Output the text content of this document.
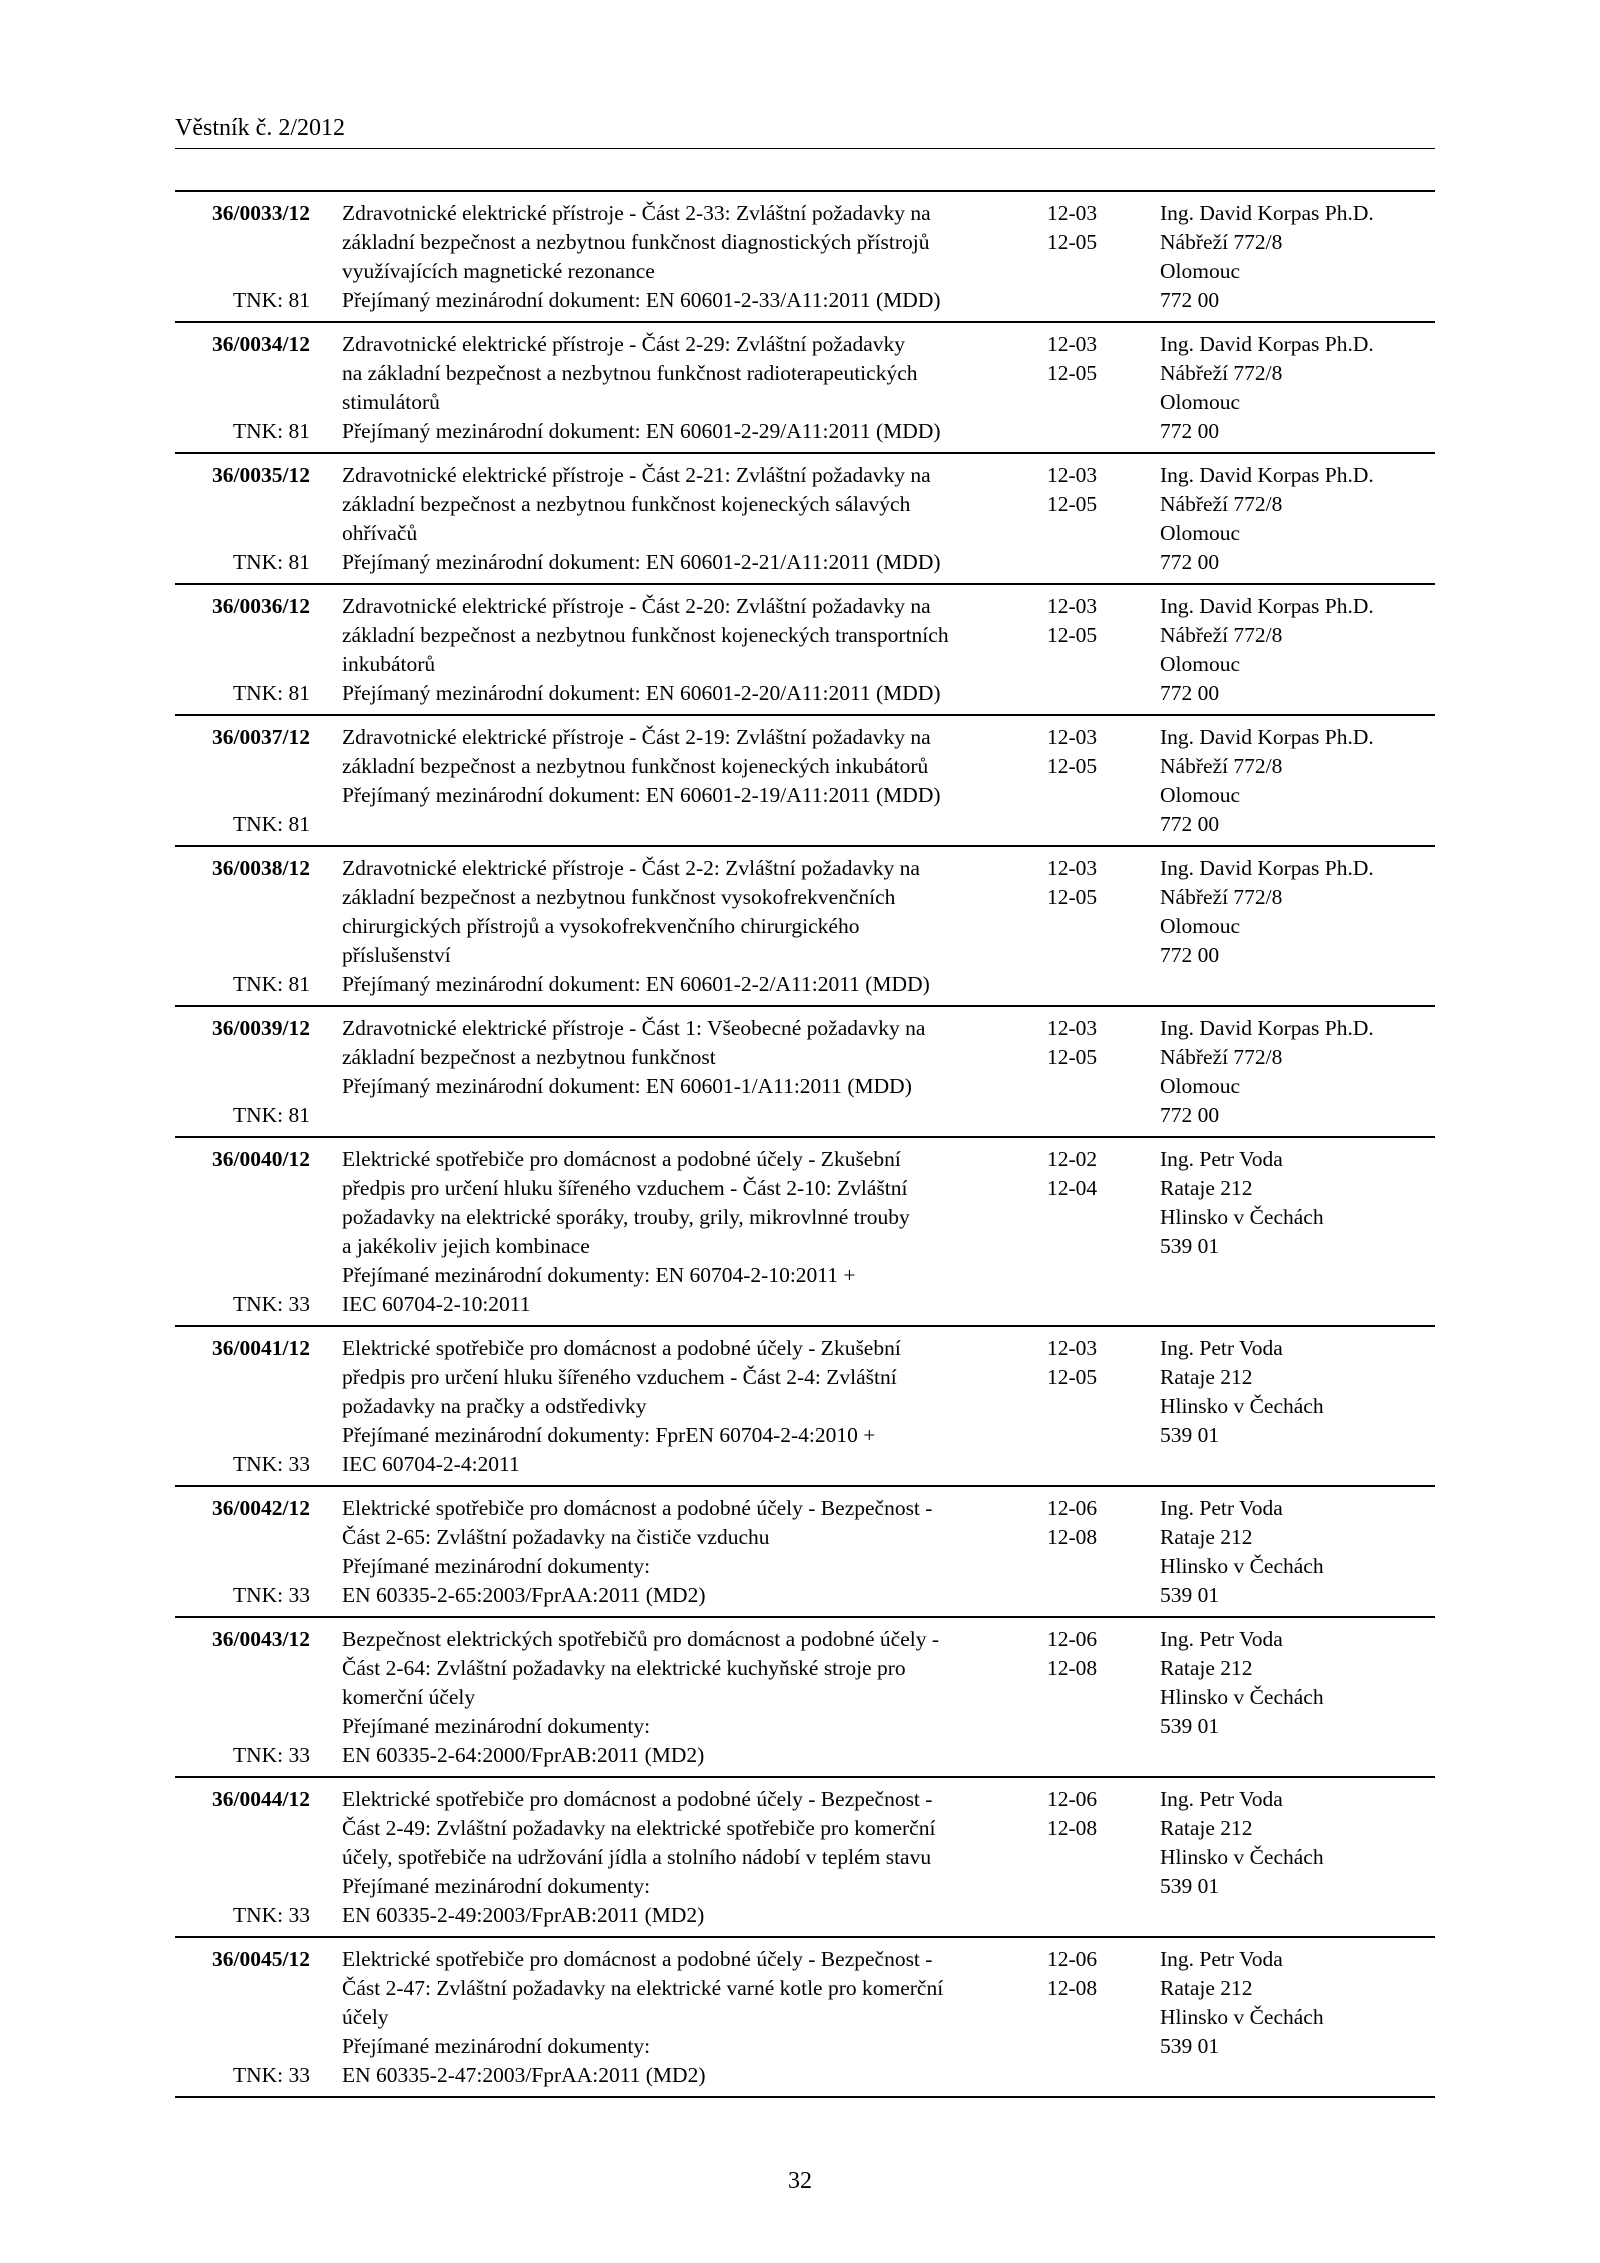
Věstník č. 2/2012
36/0033/12
TNK: 81
Zdravotnické elektrické přístroje - Část 2-33: Zvláštní požadavky na
základní bezpečnost a nezbytnou funkčnost diagnostických přístrojů
využívajících magnetické rezonance
Přejímaný mezinárodní dokument: EN 60601-2-33/A11:2011 (MDD)
12-03
12-05
Ing. David Korpas Ph.D.
Nábřeží 772/8
Olomouc
772 00
36/0034/12
TNK: 81
Zdravotnické elektrické přístroje - Část 2-29: Zvláštní požadavky
na základní bezpečnost a nezbytnou funkčnost radioterapeutických
stimulátorů
Přejímaný mezinárodní dokument: EN 60601-2-29/A11:2011 (MDD)
12-03
12-05
Ing. David Korpas Ph.D.
Nábřeží 772/8
Olomouc
772 00
36/0035/12
TNK: 81
Zdravotnické elektrické přístroje - Část 2-21: Zvláštní požadavky na
základní bezpečnost a nezbytnou funkčnost kojeneckých sálavých
ohřívačů
Přejímaný mezinárodní dokument: EN 60601-2-21/A11:2011 (MDD)
12-03
12-05
Ing. David Korpas Ph.D.
Nábřeží 772/8
Olomouc
772 00
36/0036/12
TNK: 81
Zdravotnické elektrické přístroje - Část 2-20: Zvláštní požadavky na
základní bezpečnost a nezbytnou funkčnost kojeneckých transportních
inkubátorů
Přejímaný mezinárodní dokument: EN 60601-2-20/A11:2011 (MDD)
12-03
12-05
Ing. David Korpas Ph.D.
Nábřeží 772/8
Olomouc
772 00
36/0037/12
TNK: 81
Zdravotnické elektrické přístroje - Část 2-19: Zvláštní požadavky na
základní bezpečnost a nezbytnou funkčnost kojeneckých inkubátorů
Přejímaný mezinárodní dokument: EN 60601-2-19/A11:2011 (MDD)

12-03
12-05
Ing. David Korpas Ph.D.
Nábřeží 772/8
Olomouc
772 00
36/0038/12
TNK: 81
Zdravotnické elektrické přístroje - Část 2-2: Zvláštní požadavky na
základní bezpečnost a nezbytnou funkčnost vysokofrekvenčních
chirurgických přístrojů a vysokofrekvenčního chirurgického
příslušenství
Přejímaný mezinárodní dokument: EN 60601-2-2/A11:2011 (MDD)
12-03
12-05
Ing. David Korpas Ph.D.
Nábřeží 772/8
Olomouc
772 00
36/0039/12
TNK: 81
Zdravotnické elektrické přístroje - Část 1: Všeobecné požadavky na
základní bezpečnost a nezbytnou funkčnost
Přejímaný mezinárodní dokument: EN 60601-1/A11:2011 (MDD)

12-03
12-05
Ing. David Korpas Ph.D.
Nábřeží 772/8
Olomouc
772 00
36/0040/12
TNK: 33
Elektrické spotřebiče pro domácnost a podobné účely - Zkušební
předpis pro určení hluku šířeného vzduchem - Část 2-10: Zvláštní
požadavky na elektrické sporáky, trouby, grily, mikrovlnné trouby
a jakékoliv jejich kombinace
Přejímané mezinárodní dokumenty: EN 60704-2-10:2011 +
IEC 60704-2-10:2011
12-02
12-04
Ing. Petr Voda
Rataje 212
Hlinsko v Čechách
539 01
36/0041/12
TNK: 33
Elektrické spotřebiče pro domácnost a podobné účely - Zkušební
předpis pro určení hluku šířeného vzduchem - Část 2-4: Zvláštní
požadavky na pračky a odstředivky
Přejímané mezinárodní dokumenty: FprEN 60704-2-4:2010 +
IEC 60704-2-4:2011
12-03
12-05
Ing. Petr Voda
Rataje 212
Hlinsko v Čechách
539 01
36/0042/12
TNK: 33
Elektrické spotřebiče pro domácnost a podobné účely - Bezpečnost -
Část 2-65: Zvláštní požadavky na čističe vzduchu
Přejímané mezinárodní dokumenty:
EN 60335-2-65:2003/FprAA:2011 (MD2)
12-06
12-08
Ing. Petr Voda
Rataje 212
Hlinsko v Čechách
539 01
36/0043/12
TNK: 33
Bezpečnost elektrických spotřebičů pro domácnost a podobné účely -
Část 2-64: Zvláštní požadavky na elektrické kuchyňské stroje pro
komerční účely
Přejímané mezinárodní dokumenty:
EN 60335-2-64:2000/FprAB:2011 (MD2)
12-06
12-08
Ing. Petr Voda
Rataje 212
Hlinsko v Čechách
539 01
36/0044/12
TNK: 33
Elektrické spotřebiče pro domácnost a podobné účely - Bezpečnost -
Část 2-49: Zvláštní požadavky na elektrické spotřebiče pro komerční
účely, spotřebiče na udržování jídla a stolního nádobí v teplém stavu
Přejímané mezinárodní dokumenty:
EN 60335-2-49:2003/FprAB:2011 (MD2)
12-06
12-08
Ing. Petr Voda
Rataje 212
Hlinsko v Čechách
539 01
36/0045/12
TNK: 33
Elektrické spotřebiče pro domácnost a podobné účely - Bezpečnost -
Část 2-47: Zvláštní požadavky na elektrické varné kotle pro komerční
účely
Přejímané mezinárodní dokumenty:
EN 60335-2-47:2003/FprAA:2011 (MD2)
12-06
12-08
Ing. Petr Voda
Rataje 212
Hlinsko v Čechách
539 01
32
